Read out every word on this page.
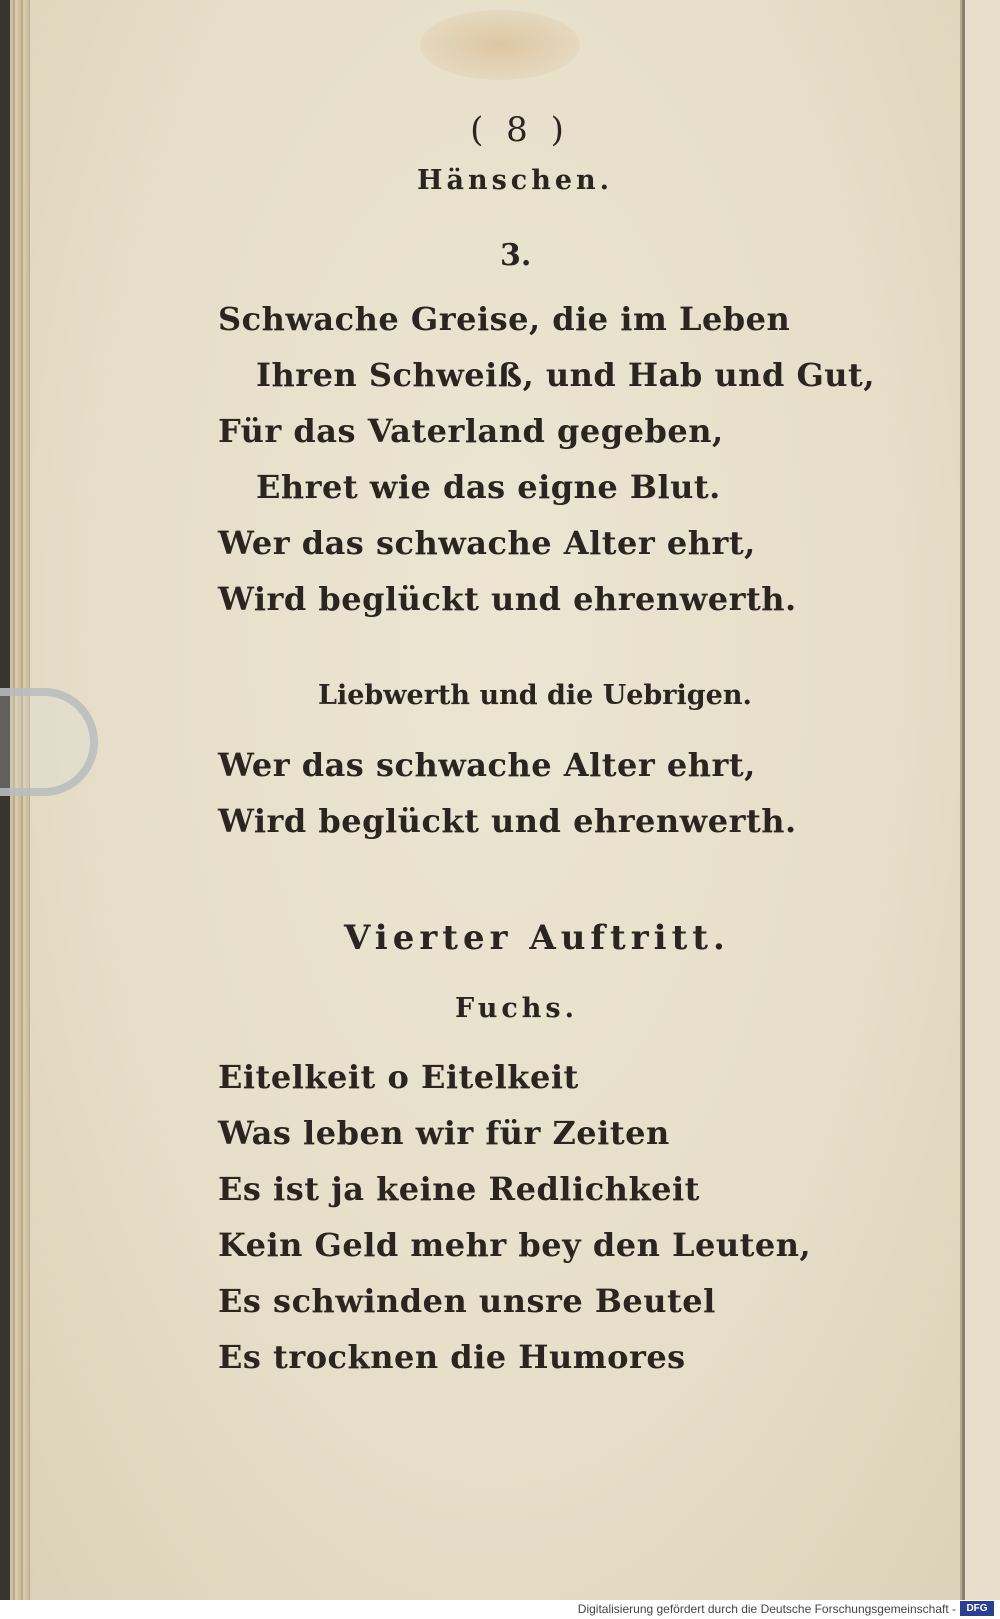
( 8 )
Hänschen.
3.
Schwache Greise, die im Leben
Ihren Schweiß, und Hab und Gut,
Für das Vaterland gegeben,
Ehret wie das eigne Blut.
Wer das schwache Alter ehrt,
Wird beglückt und ehrenwerth.
Liebwerth und die Uebrigen.
Wer das schwache Alter ehrt,
Wird beglückt und ehrenwerth.
Vierter Auftritt.
Fuchs.
Eitelkeit o Eitelkeit
Was leben wir für Zeiten
Es ist ja keine Redlichkeit
Kein Geld mehr bey den Leuten,
Es schwinden unsre Beutel
Es trocknen die Humores
Digitalisierung gefördert durch die Deutsche Forschungsgemeinschaft -	DFG
